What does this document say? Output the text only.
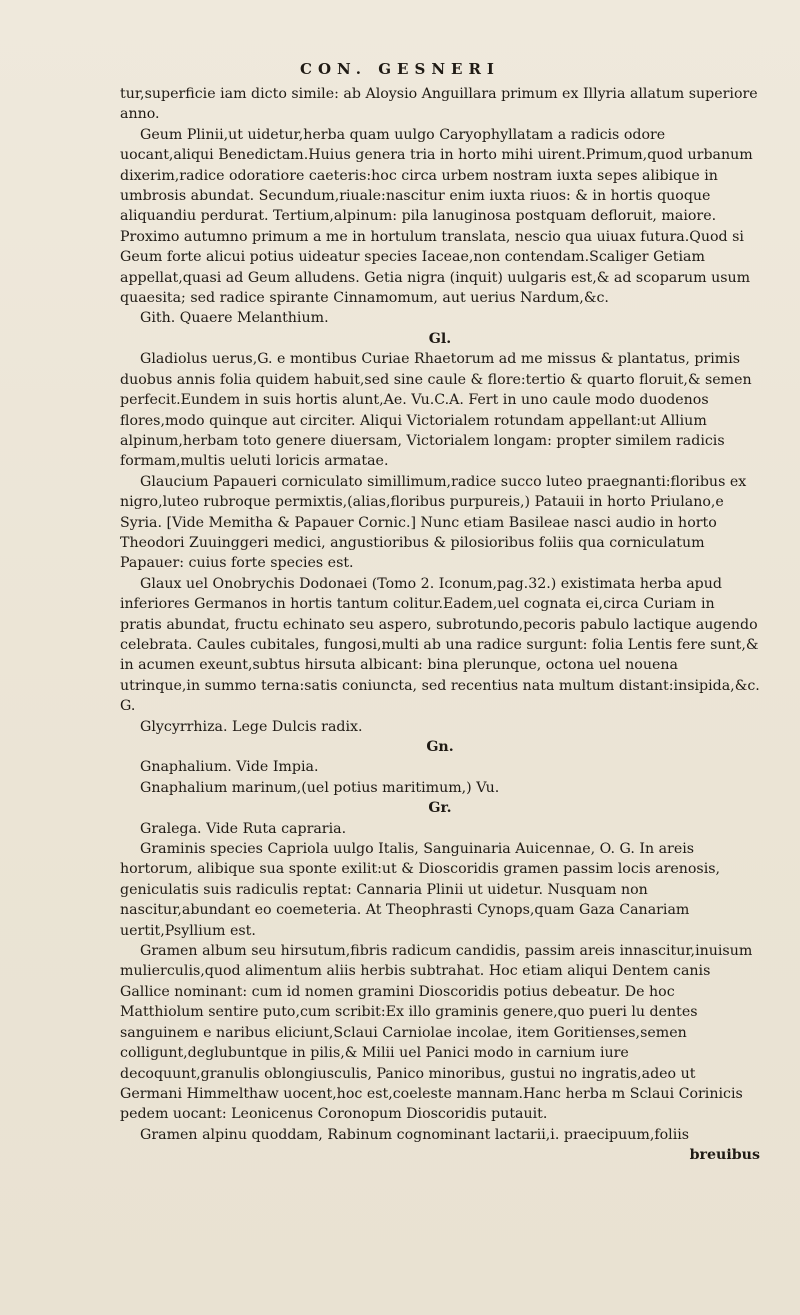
CON. GESNERI

tur,superficie iam dicto simile: ab Aloysio Anguillara primum ex Illyria allatum superiore anno.

Geum Plinii,ut uidetur,herba quam uulgo Caryophyllatam a radicis odore uocant,aliqui Benedictam.Huius genera tria in horto mihi uirent.Primum,quod urbanum dixerim,radice odoratiore caeteris:hoc circa urbem nostram iuxta sepes alibique in umbrosis abundat. Secundum,riuale:nascitur enim iuxta riuos: & in hortis quoque aliquandiu perdurat. Tertium,alpinum: pila lanuginosa postquam defloruit, maiore. Proximo autumno primum a me in hortulum translata, nescio qua uiuax futura.Quod si Geum forte alicui potius uideatur species Iaceae,non contendam.Scaliger Getiam appellat,quasi ad Geum alludens. Getia nigra (inquit) uulgaris est,& ad scoparum usum quaesita; sed radice spirante Cinnamomum, aut uerius Nardum,&c.

Gith. Quaere Melanthium.

Gl.

Gladiolus uerus,G. e montibus Curiae Rhaetorum ad me missus & plantatus, primis duobus annis folia quidem habuit,sed sine caule & flore:tertio & quarto floruit,& semen perfecit.Eundem in suis hortis alunt,Ae. Vu.C.A. Fert in uno caule modo duodenos flores,modo quinque aut circiter. Aliqui Victorialem rotundam appellant:ut Allium alpinum,herbam toto genere diuersam, Victorialem longam: propter similem radicis formam,multis ueluti loricis armatae.

Glaucium Papaueri corniculato simillimum,radice succo luteo praegnanti:floribus ex nigro,luteo rubroque permixtis,(alias,floribus purpureis,) Patauii in horto Priulano,e Syria. [Vide Memitha & Papauer Cornic.] Nunc etiam Basileae nasci audio in horto Theodori Zuuinggeri medici, angustioribus & pilosioribus foliis qua corniculatum Papauer: cuius forte species est.

Glaux uel Onobrychis Dodonaei (Tomo 2. Iconum,pag.32.) existimata herba apud inferiores Germanos in hortis tantum colitur.Eadem,uel cognata ei,circa Curiam in pratis abundat, fructu echinato seu aspero, subrotundo,pecoris pabulo lactique augendo celebrata. Caules cubitales, fungosi,multi ab una radice surgunt: folia Lentis fere sunt,& in acumen exeunt,subtus hirsuta albicant: bina plerunque, octona uel nouena utrinque,in summo terna:satis coniuncta, sed recentius nata multum distant:insipida,&c. G.

Glycyrrhiza. Lege Dulcis radix.

Gn.

Gnaphalium. Vide Impia.

Gnaphalium marinum,(uel potius maritimum,) Vu.

Gr.

Gralega. Vide Ruta capraria.

Graminis species Capriola uulgo Italis, Sanguinaria Auicennae, O. G. In areis hortorum, alibique sua sponte exilit:ut & Dioscoridis gramen passim locis arenosis, geniculatis suis radiculis reptat: Cannaria Plinii ut uidetur. Nusquam non nascitur,abundant eo coemeteria. At Theophrasti Cynops,quam Gaza Canariam uertit,Psyllium est.

Gramen album seu hirsutum,fibris radicum candidis, passim areis innascitur,inuisum mulierculis,quod alimentum aliis herbis subtrahat. Hoc etiam aliqui Dentem canis Gallice nominant: cum id nomen gramini Dioscoridis potius debeatur. De hoc Matthiolum sentire puto,cum scribit:Ex illo graminis genere,quo pueri lu dentes sanguinem e naribus eliciunt,Sclaui Carniolae incolae, item Goritienses,semen colligunt,deglubuntque in pilis,& Milii uel Panici modo in carnium iure decoquunt,granulis oblongiusculis, Panico minoribus, gustui no ingratis,adeo ut Germani Himmelthaw uocent,hoc est,coeleste mannam.Hanc herba m Sclaui Corinicis pedem uocant: Leonicenus Coronopum Dioscoridis putauit.

Gramen alpinu quoddam, Rabinum cognominant lactarii,i. praecipuum,foliis

breuibus
